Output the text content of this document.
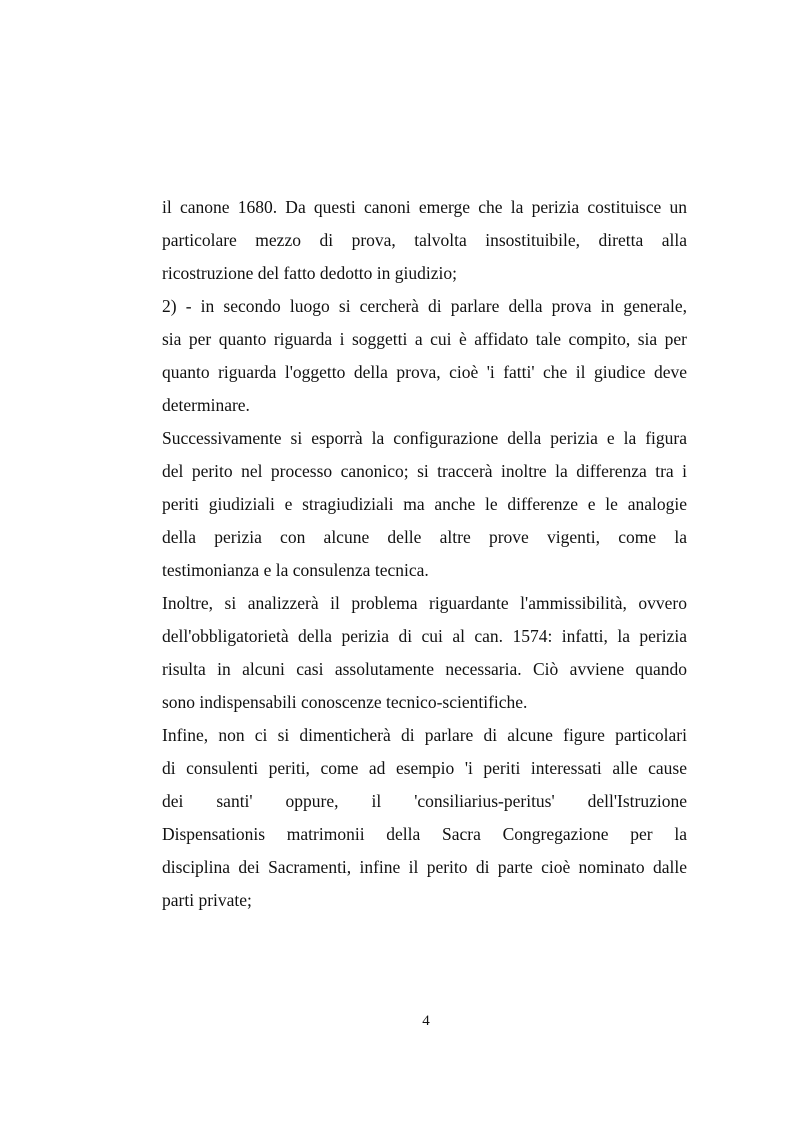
il canone 1680. Da questi canoni emerge che la perizia costituisce un
particolare mezzo di prova, talvolta insostituibile, diretta alla
ricostruzione del fatto dedotto in giudizio;
2) - in secondo luogo si cercherà di parlare della prova in generale,
sia per quanto riguarda i soggetti a cui è affidato tale compito, sia per
quanto riguarda l'oggetto della prova, cioè 'i fatti' che il giudice deve
determinare.
Successivamente si esporrà la configurazione della perizia e la figura
del perito nel processo canonico; si traccerà inoltre la differenza tra i
periti giudiziali e stragiudiziali ma anche le differenze e le analogie
della perizia con alcune delle altre prove vigenti, come la
testimonianza e la consulenza tecnica.
Inoltre, si analizzerà il problema riguardante l'ammissibilità, ovvero
dell'obbligatorietà della perizia di cui al can. 1574: infatti, la perizia
risulta in alcuni casi assolutamente necessaria. Ciò avviene quando
sono indispensabili conoscenze tecnico-scientifiche.
Infine, non ci si dimenticherà di parlare di alcune figure particolari
di consulenti periti, come ad esempio 'i periti interessati alle cause
dei santi' oppure, il 'consiliarius-peritus' dell'Istruzione
Dispensationis matrimonii della Sacra Congregazione per la
disciplina dei Sacramenti, infine il perito di parte cioè nominato dalle
parti private;
4
